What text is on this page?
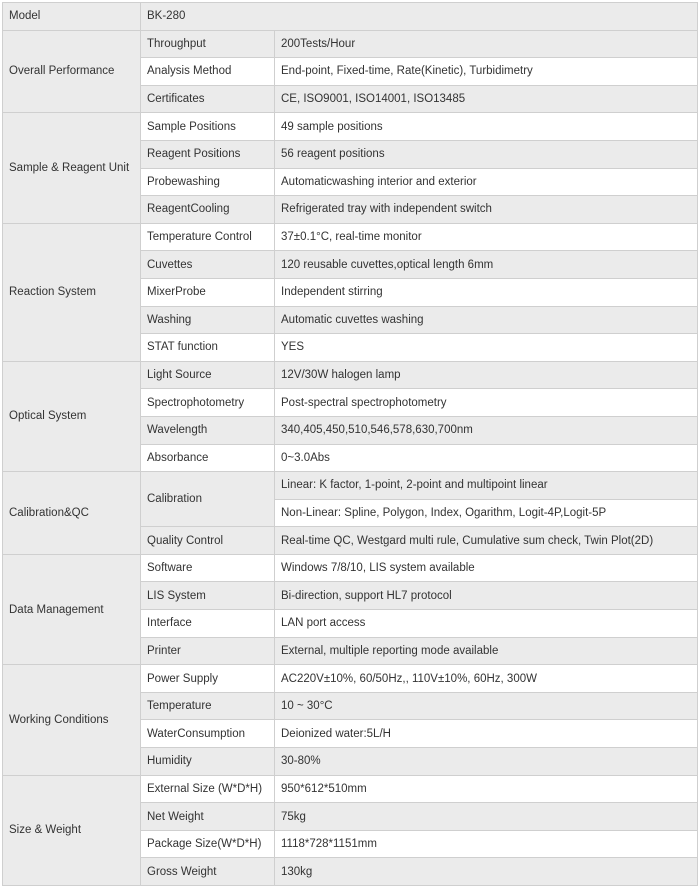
Model	BK-280	
Overall Performance	Throughput	200Tests/Hour
	Analysis Method	End-point, Fixed-time, Rate(Kinetic), Turbidimetry
	Certificates	CE, ISO9001, ISO14001, ISO13485
Sample & Reagent Unit	Sample Positions	49 sample positions
	Reagent Positions	56 reagent positions
	Probewashing	Automaticwashing interior and exterior
	ReagentCooling	Refrigerated tray with independent switch
Reaction System	Temperature Control	37±0.1°C, real-time monitor
	Cuvettes	120 reusable cuvettes,optical length 6mm
	MixerProbe	Independent stirring
	Washing	Automatic cuvettes washing
	STAT function	YES
Optical System	Light Source	12V/30W halogen lamp
	Spectrophotometry	Post-spectral spectrophotometry
	Wavelength	340,405,450,510,546,578,630,700nm
	Absorbance	0~3.0Abs
Calibration&QC	Calibration	Linear: K factor, 1-point, 2-point and multipoint linear
		Non-Linear: Spline, Polygon, Index, Ogarithm, Logit-4P,Logit-5P
	Quality Control	Real-time QC, Westgard multi rule, Cumulative sum check, Twin Plot(2D)
Data Management	Software	Windows 7/8/10, LIS system available
	LIS System	Bi-direction, support HL7 protocol
	Interface	LAN port access
	Printer	External, multiple reporting mode available
Working Conditions	Power Supply	AC220V±10%, 60/50Hz,, 110V±10%, 60Hz, 300W
	Temperature	10 ~ 30°C
	WaterConsumption	Deionized water:5L/H
	Humidity	30-80%
Size & Weight	External Size (W*D*H)	950*612*510mm
	Net Weight	75kg
	Package Size(W*D*H)	1118*728*1151mm
	Gross Weight	130kg
